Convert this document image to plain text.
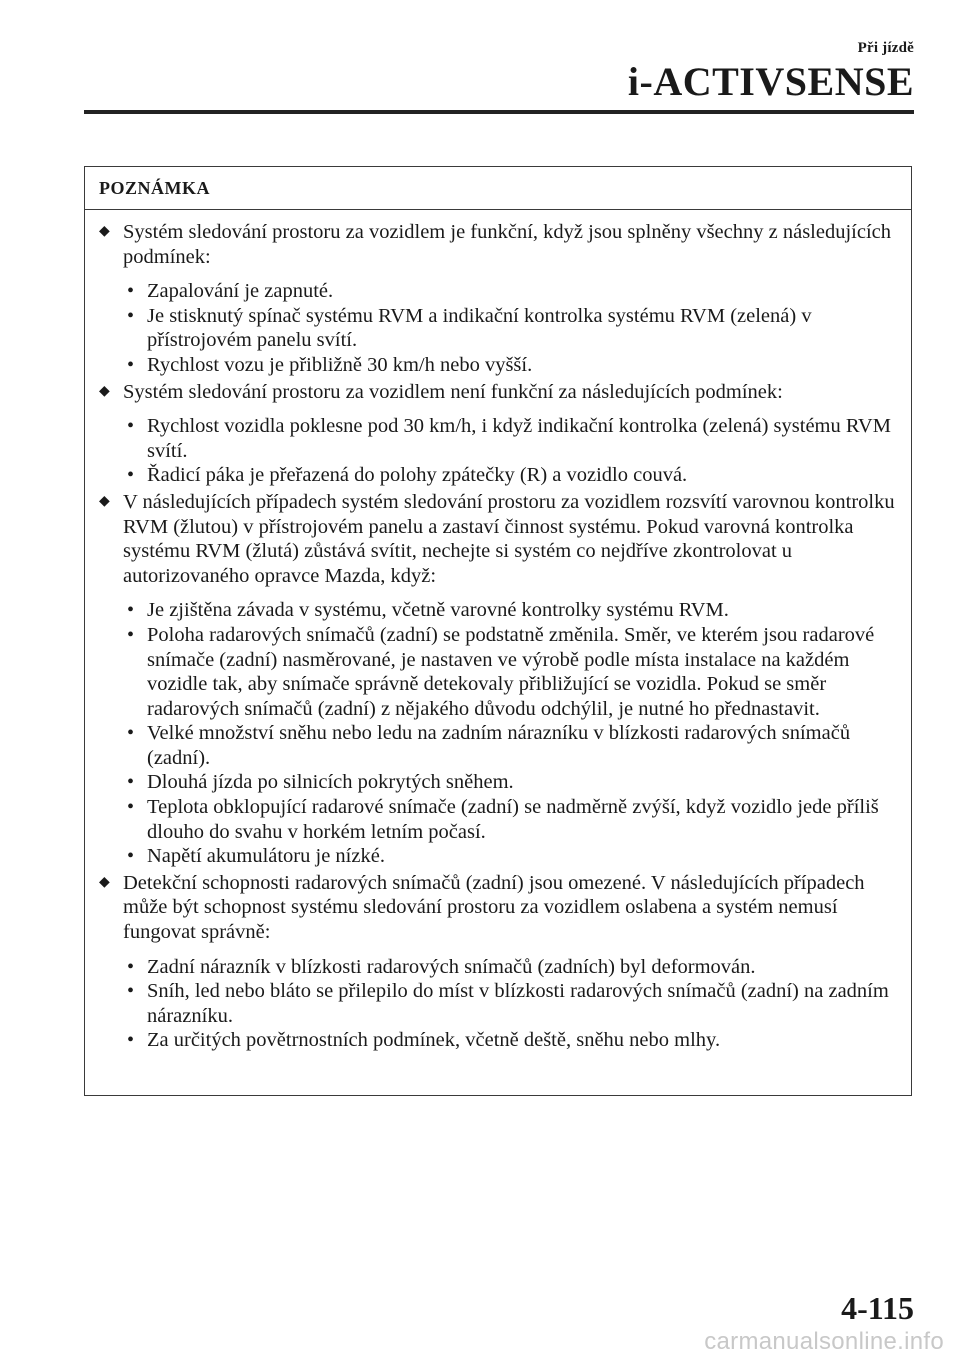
Při jízdě
i-ACTIVSENSE
POZNÁMKA
◆ Systém sledování prostoru za vozidlem je funkční, když jsou splněny všechny z následujících podmínek:
• Zapalování je zapnuté.
• Je stisknutý spínač systému RVM a indikační kontrolka systému RVM (zelená) v přístrojovém panelu svítí.
• Rychlost vozu je přibližně 30 km/h nebo vyšší.
◆ Systém sledování prostoru za vozidlem není funkční za následujících podmínek:
• Rychlost vozidla poklesne pod 30 km/h, i když indikační kontrolka (zelená) systému RVM svítí.
• Řadicí páka je přeřazená do polohy zpátečky (R) a vozidlo couvá.
◆ V následujících případech systém sledování prostoru za vozidlem rozsvítí varovnou kontrolku RVM (žlutou) v přístrojovém panelu a zastaví činnost systému. Pokud varovná kontrolka systému RVM (žlutá) zůstává svítit, nechejte si systém co nejdříve zkontrolovat u autorizovaného opravce Mazda, když:
• Je zjištěna závada v systému, včetně varovné kontrolky systému RVM.
• Poloha radarových snímačů (zadní) se podstatně změnila. Směr, ve kterém jsou radarové snímače (zadní) nasměrované, je nastaven ve výrobě podle místa instalace na každém vozidle tak, aby snímače správně detekovaly přibližující se vozidla. Pokud se směr radarových snímačů (zadní) z nějakého důvodu odchýlil, je nutné ho přednastavit.
• Velké množství sněhu nebo ledu na zadním nárazníku v blízkosti radarových snímačů (zadní).
• Dlouhá jízda po silnicích pokrytých sněhem.
• Teplota obklopující radarové snímače (zadní) se nadměrně zvýší, když vozidlo jede příliš dlouho do svahu v horkém letním počasí.
• Napětí akumulátoru je nízké.
◆ Detekční schopnosti radarových snímačů (zadní) jsou omezené. V následujících případech může být schopnost systému sledování prostoru za vozidlem oslabena a systém nemusí fungovat správně:
• Zadní nárazník v blízkosti radarových snímačů (zadních) byl deformován.
• Sníh, led nebo bláto se přilepilo do míst v blízkosti radarových snímačů (zadní) na zadním nárazníku.
• Za určitých povětrnostních podmínek, včetně deště, sněhu nebo mlhy.
4-115
carmanualsonline.info
